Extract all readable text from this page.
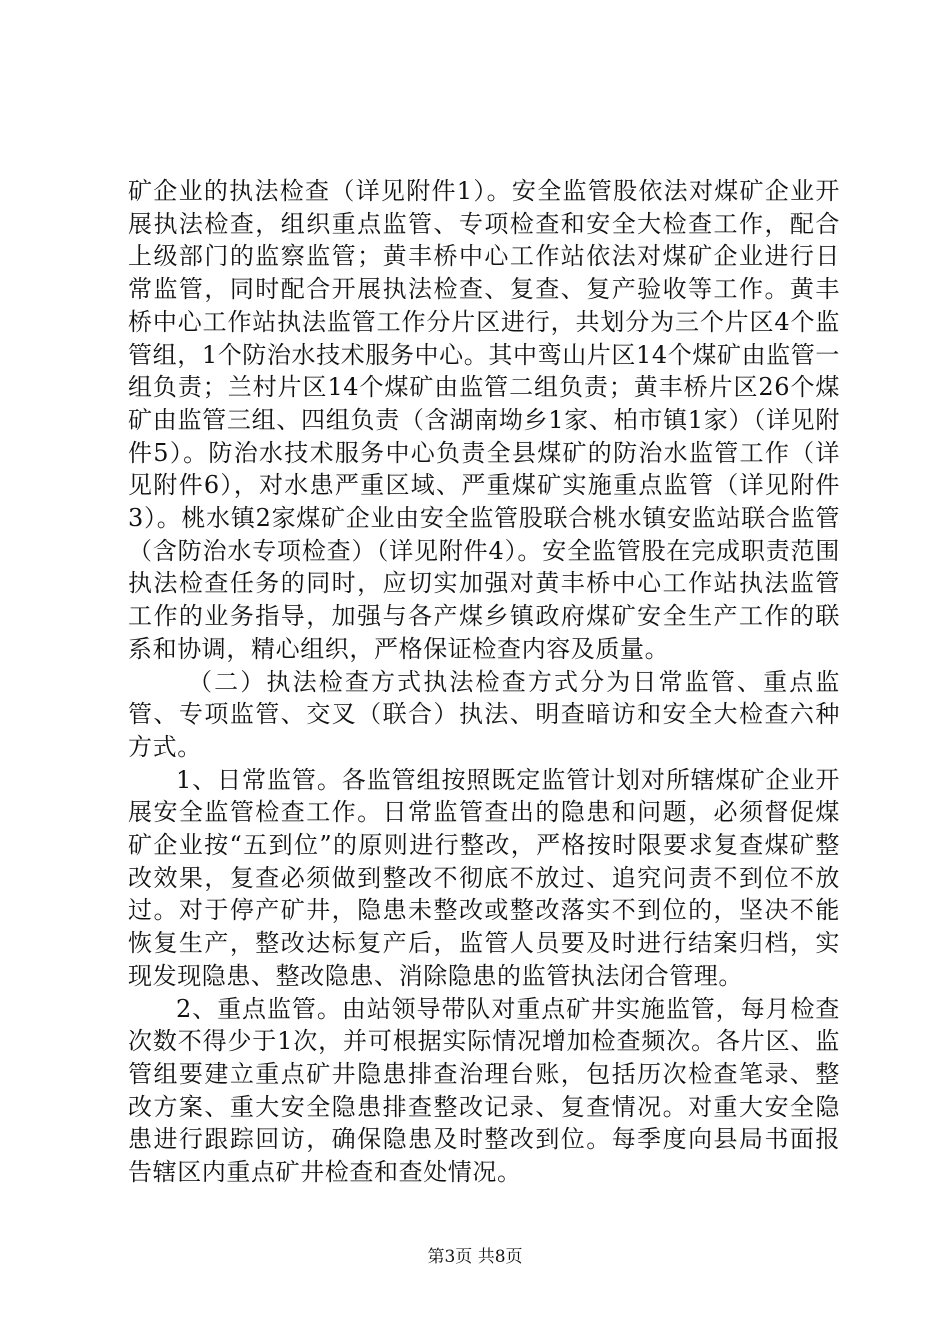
矿企业的执法检查（详见附件1）。安全监管股依法对煤矿企业开展执法检查，组织重点监管、专项检查和安全大检查工作，配合上级部门的监察监管；黄丰桥中心工作站依法对煤矿企业进行日常监管，同时配合开展执法检查、复查、复产验收等工作。黄丰桥中心工作站执法监管工作分片区进行，共划分为三个片区4个监管组，1个防治水技术服务中心。其中鸾山片区14个煤矿由监管一组负责；兰村片区14个煤矿由监管二组负责；黄丰桥片区26个煤矿由监管三组、四组负责（含湖南坳乡1家、柏市镇1家）（详见附件5）。防治水技术服务中心负责全县煤矿的防治水监管工作（详见附件6），对水患严重区域、严重煤矿实施重点监管（详见附件3）。桃水镇2家煤矿企业由安全监管股联合桃水镇安监站联合监管（含防治水专项检查）（详见附件4）。安全监管股在完成职责范围执法检查任务的同时，应切实加强对黄丰桥中心工作站执法监管工作的业务指导，加强与各产煤乡镇政府煤矿安全生产工作的联系和协调，精心组织，严格保证检查内容及质量。

（二）执法检查方式执法检查方式分为日常监管、重点监管、专项监管、交叉（联合）执法、明查暗访和安全大检查六种方式。

1、日常监管。各监管组按照既定监管计划对所辖煤矿企业开展安全监管检查工作。日常监管查出的隐患和问题，必须督促煤矿企业按“五到位”的原则进行整改，严格按时限要求复查煤矿整改效果，复查必须做到整改不彻底不放过、追究问责不到位不放过。对于停产矿井，隐患未整改或整改落实不到位的，坚决不能恢复生产，整改达标复产后，监管人员要及时进行结案归档，实现发现隐患、整改隐患、消除隐患的监管执法闭合管理。

2、重点监管。由站领导带队对重点矿井实施监管，每月检查次数不得少于1次，并可根据实际情况增加检查频次。各片区、监管组要建立重点矿井隐患排查治理台账，包括历次检查笔录、整改方案、重大安全隐患排查整改记录、复查情况。对重大安全隐患进行跟踪回访，确保隐患及时整改到位。每季度向县局书面报告辖区内重点矿井检查和查处情况。

第3页 共8页
